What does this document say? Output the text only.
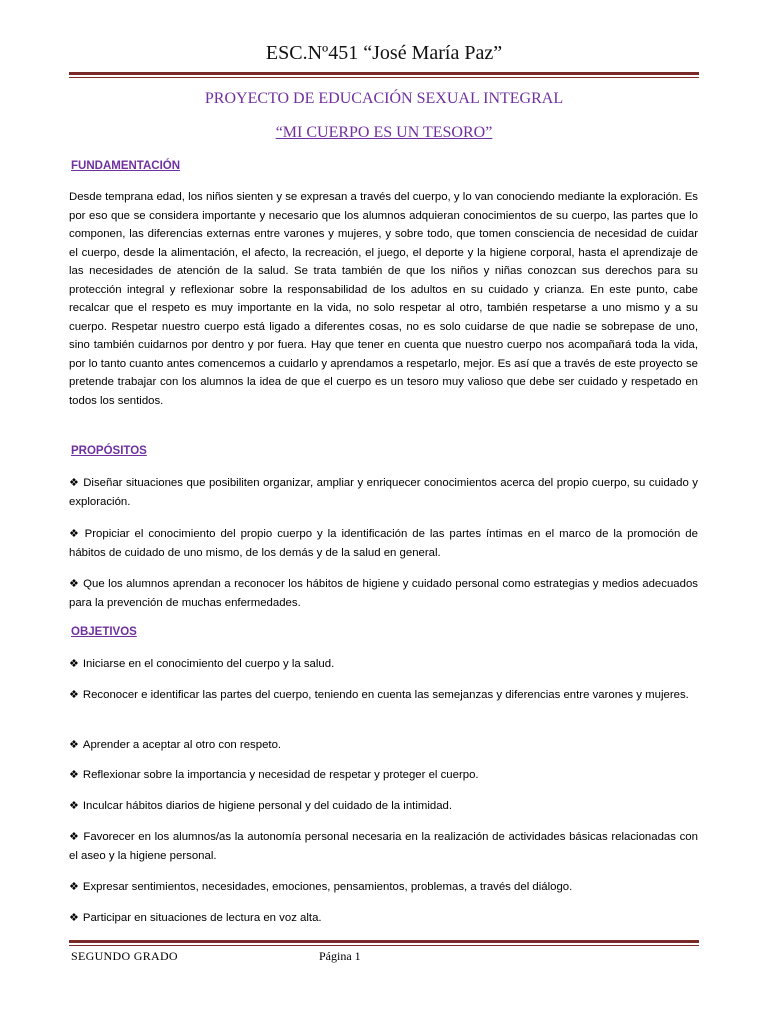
ESC.Nº451 “José María Paz”
PROYECTO DE EDUCACIÓN SEXUAL INTEGRAL
“MI CUERPO ES UN TESORO”
FUNDAMENTACIÓN
Desde temprana edad, los niños sienten y se expresan a través del cuerpo, y lo van conociendo mediante la exploración. Es por eso que se considera importante y necesario que los alumnos adquieran conocimientos de su cuerpo, las partes que lo componen, las diferencias externas entre varones y mujeres, y sobre todo, que tomen consciencia de necesidad de cuidar el cuerpo, desde la alimentación, el afecto, la recreación, el juego, el deporte y la higiene corporal, hasta el aprendizaje de las necesidades de atención de la salud. Se trata también de que los niños y niñas conozcan sus derechos para su protección integral y reflexionar sobre la responsabilidad de los adultos en su cuidado y crianza. En este punto, cabe recalcar que el respeto es muy importante en la vida, no solo respetar al otro, también respetarse a uno mismo y a su cuerpo. Respetar nuestro cuerpo está ligado a diferentes cosas, no es solo cuidarse de que nadie se sobrepase de uno, sino también cuidarnos por dentro y por fuera. Hay que tener en cuenta que nuestro cuerpo nos acompañará toda la vida, por lo tanto cuanto antes comencemos a cuidarlo y aprendamos a respetarlo, mejor. Es así que a través de este proyecto se pretende trabajar con los alumnos la idea de que el cuerpo es un tesoro muy valioso que debe ser cuidado y respetado en todos los sentidos.
PROPÓSITOS
❖ Diseñar situaciones que posibiliten organizar, ampliar y enriquecer conocimientos acerca del propio cuerpo, su cuidado y exploración.
❖ Propiciar el conocimiento del propio cuerpo y la identificación de las partes íntimas en el marco de la promoción de hábitos de cuidado de uno mismo, de los demás y de la salud en general.
❖ Que los alumnos aprendan a reconocer los hábitos de higiene y cuidado personal como estrategias y medios adecuados para la prevención de muchas enfermedades.
OBJETIVOS
❖ Iniciarse en el conocimiento del cuerpo y la salud.
❖ Reconocer e identificar las partes del cuerpo, teniendo en cuenta las semejanzas y diferencias entre varones y mujeres.
❖ Aprender a aceptar al otro con respeto.
❖ Reflexionar sobre la importancia y necesidad de respetar y proteger el cuerpo.
❖ Inculcar hábitos diarios de higiene personal y del cuidado de la intimidad.
❖ Favorecer en los alumnos/as la autonomía personal necesaria en la realización de actividades básicas relacionadas con el aseo y la higiene personal.
❖ Expresar sentimientos, necesidades, emociones, pensamientos, problemas, a través del diálogo.
❖ Participar en situaciones de lectura en voz alta.
SEGUNDO GRADO	Página 1
